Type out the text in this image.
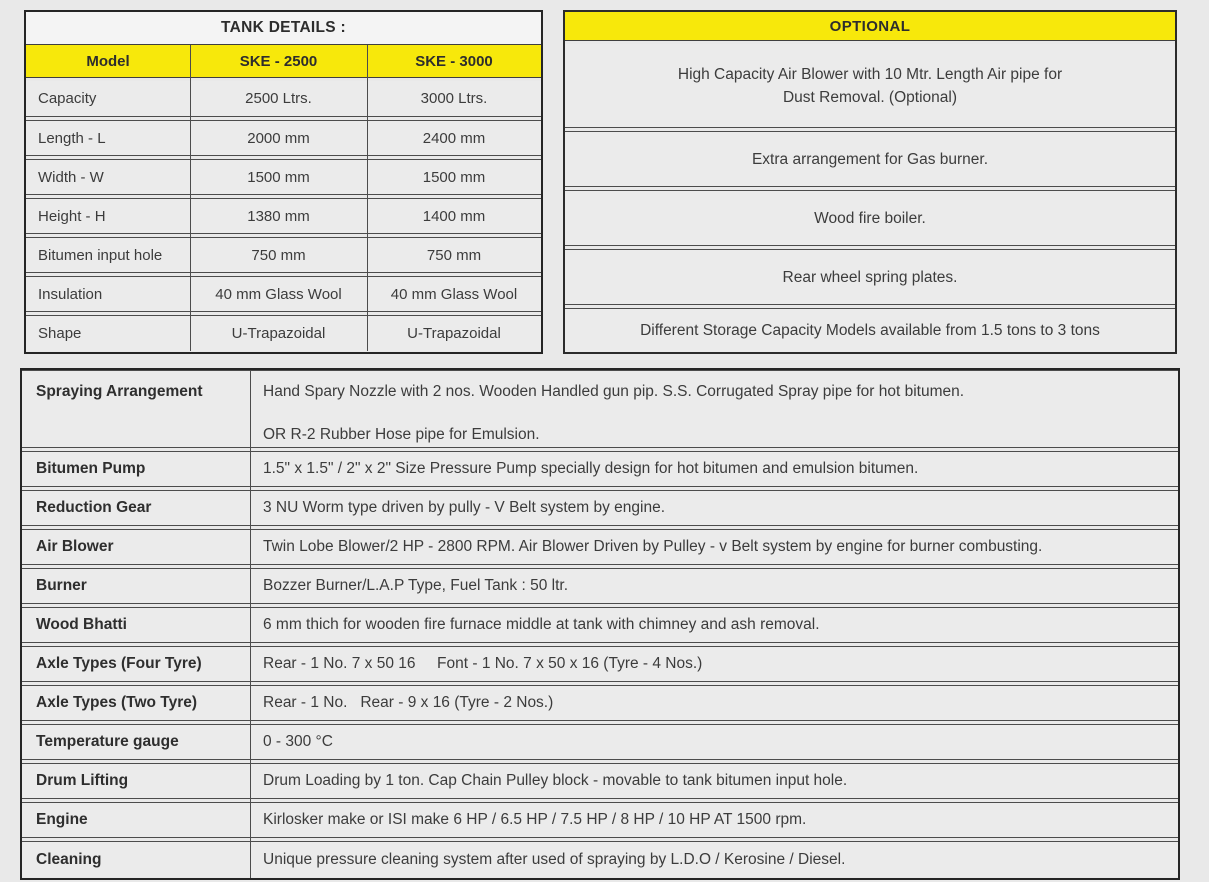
TANK DETAILS :
Model	SKE - 2500	SKE - 3000
Capacity	2500 Ltrs.	3000 Ltrs.
Length - L	2000 mm	2400 mm
Width - W	1500 mm	1500 mm
Height - H	1380 mm	1400 mm
Bitumen input hole	750 mm	750 mm
Insulation	40 mm Glass Wool	40 mm Glass Wool
Shape	U-Trapazoidal	U-Trapazoidal
OPTIONAL
High Capacity Air Blower with 10 Mtr. Length Air pipe for
Dust Removal. (Optional)
Extra arrangement for Gas burner.
Wood fire boiler.
Rear wheel spring plates.
Different Storage Capacity Models available from 1.5 tons to 3 tons
Spraying Arrangement	Hand Spary Nozzle with 2 nos. Wooden Handled gun pip. S.S. Corrugated Spray pipe for hot bitumen.
OR R-2 Rubber Hose pipe for Emulsion.
Bitumen Pump	1.5" x 1.5" / 2" x 2" Size Pressure Pump specially design for hot bitumen and emulsion bitumen.
Reduction Gear	3 NU Worm type driven by pully - V Belt system by engine.
Air Blower	Twin Lobe Blower/2 HP - 2800 RPM. Air Blower Driven by Pulley - v Belt system by engine for burner combusting.
Burner	Bozzer Burner/L.A.P Type, Fuel Tank : 50 ltr.
Wood Bhatti	6 mm thich for wooden fire furnace middle at tank with chimney and ash removal.
Axle Types (Four Tyre)	Rear - 1 No. 7 x 50 16     Font - 1 No. 7 x 50 x 16 (Tyre - 4 Nos.)
Axle Types (Two Tyre)	Rear - 1 No.   Rear - 9 x 16 (Tyre - 2 Nos.)
Temperature gauge	0 - 300 °C
Drum Lifting	Drum Loading by 1 ton. Cap Chain Pulley block - movable to tank bitumen input hole.
Engine	Kirlosker make or ISI make 6 HP / 6.5 HP / 7.5 HP / 8 HP / 10 HP AT 1500 rpm.
Cleaning	Unique pressure cleaning system after used of spraying by L.D.O / Kerosine / Diesel.
